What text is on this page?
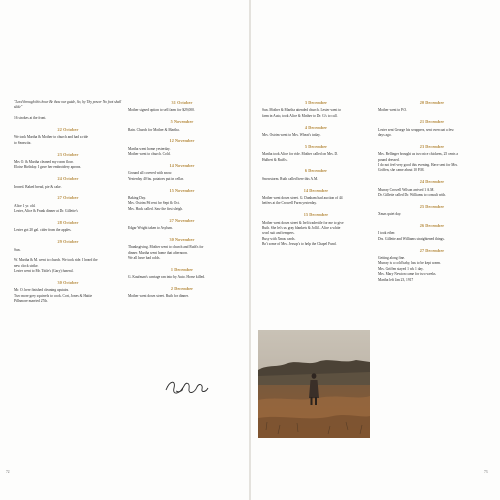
"Lord through this hour Be thou our guide, So, by Thy power No foot shall slide"

16 strokes at the front.

22 October

We took Martha & Mother to church and had a ride
to Seaswitz.

23 October

Mrs O. & Martha cleaned my room floor.
Eloise Birthday. I gave her embroidery aprons.

24 October

Ironed. Baked bread, pie & cake.

27 October

Alice 1 yr. old.
Lester, Alice & Frank dinner at Dr. Gillette's

28 October

Lester got 20 gal. cider from the apples.

29 October

Sun.

W. Martha & M. went to church. We took ride. I heard the
new clock strike.
Lester went to Mr. Tittle's (Gary) funeral.

30 October

Mr. O. here finished cleaning upstairs.
Two more grey squirrels to cook. Cort, Jones & Hattie
Pillsmore married 27th.

31 October

Mother signed option to sell farm for $29,000.

5 November

Rain. Church for Mother & Martha.

12 November

Martha went home yesterday.
Mother went to church. Cold.

14 November

Ground all covered with snow.
Yesterday 40 bu. potatoes put in cellar.

15 November

Baking Day.
Mrs. Ostrim Pd rent for Sept & Oct.
Mrs. Hack called. Saw the first sleigh.

27 November

Edgar Wright taken to Asylum.

30 November

Thanksgiving. Mother went to church and Ruth's for
dinner. Martha went home that afternoon.
We all have bad colds.

1 December

G. Kaufman's carriage ran into by Auto. Horse killed.

2 December

Mother went down street. Ruth for dinner.

3 December

Sun. Mother & Martha attended church. Lester went to
farm in Auto, took Alice & Mother to Dr. G's to call.

4 December

Mrs. Ostrim went to Mrs. Wheat's today.

5 December

Martha took Alice for ride. Mother called on Mrs. D.
Hulbert & Ruth's.

6 December

Snowstorm. Ruth called here this A.M.

14 December

Mother went down street. G. Dunham had auction of 44
heifers at the Crowell Farm yesterday.

15 December

Mother went down street & Ireli tradertile for me to give
Ruth. She let's us gray blankets & Jollil.. Alice a white
wool suit and tempers.
Busy with Xmas cards.
Bo't some of Mrs. Jessop's to help the Chapel Fund.

20 December

Mother went to P.O.

21 December

Lester sent George his wrappers, sent overcoat a few
days ago.

23 December

Mrs. Bellinger brought us two nice chickens, 25 cents a
pound dressed.
I do not feel very good this evening. Have sent for Mrs.
Griffen, she came about 10 P.M.

24 December

Murray Crowell Wilson arrived 1 A.M.
Dr. Gillette called Dr. Williams to consult with.

25 December

Xmas quiet day.

26 December

I took ether.
Drs. Gillette and Williams straightened things.

27 December

Getting along fine.
Murray is a cold baby, has to be kept warm.
Mrs. Griffen stayed 1 wk 1 day.
Mrs. Mary Newton came for two weeks.
Martha left Jan 23, 1917

72	73
